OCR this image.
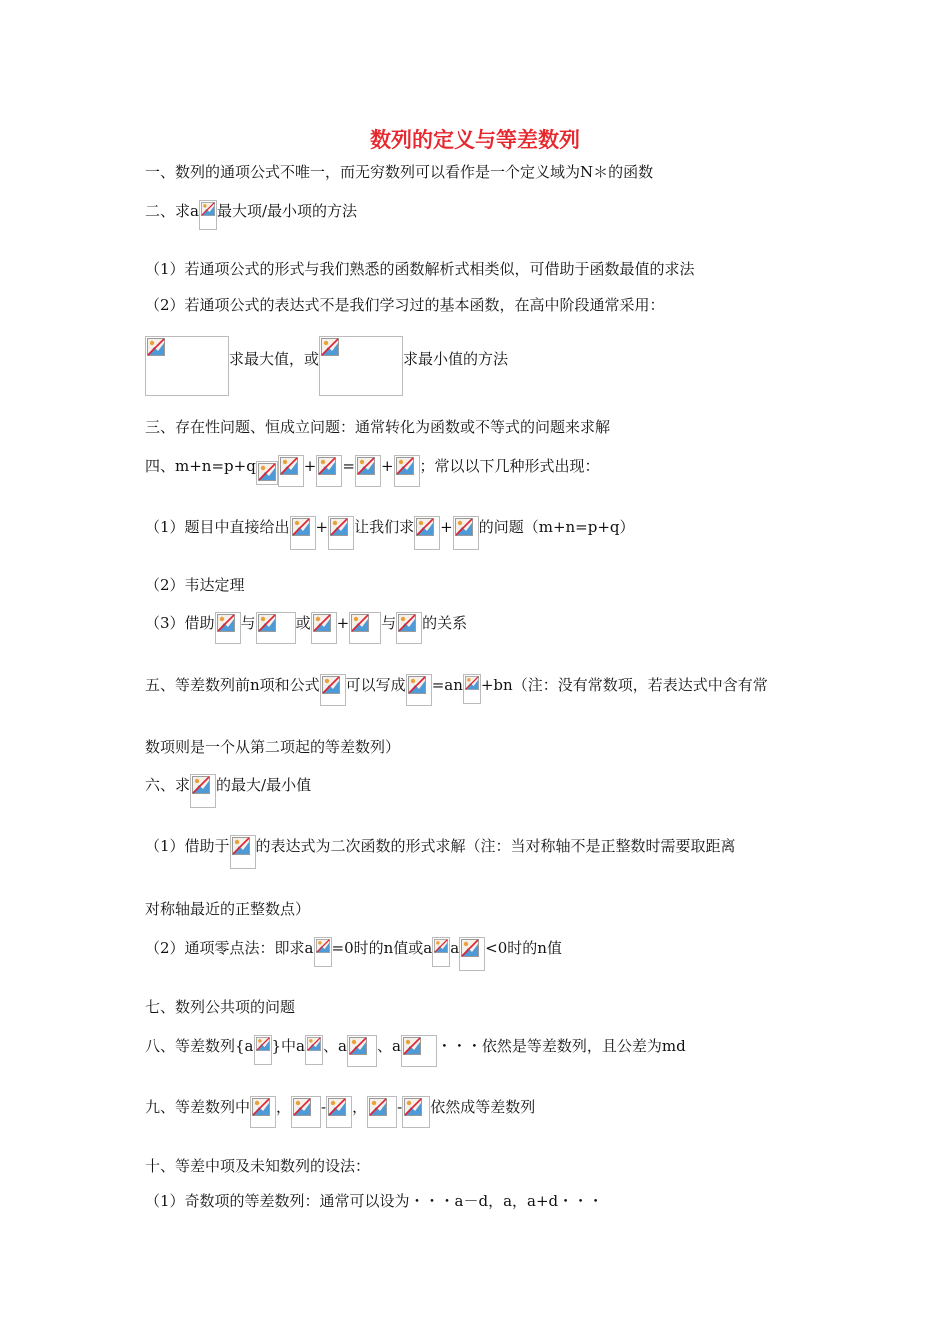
数列的定义与等差数列
一、数列的通项公式不唯一，而无穷数列可以看作是一个定义域为N＊的函数
二、求a 最大项/最小项的方法
（1）若通项公式的形式与我们熟悉的函数解析式相类似，可借助于函数最值的求法
（2）若通项公式的表达式不是我们学习过的基本函数，在高中阶段通常采用：
求最大值，或	求最小值的方法
三、存在性问题、恒成立问题：通常转化为函数或不等式的问题来求解
四、m+n=p+q	+ = + ；常以以下几种形式出现：
（1）题目中直接给出 + 让我们求 + 的问题（m+n=p+q）
（2）韦达定理
（3）借助 与	或 + 与 的关系
五、等差数列前n项和公式 可以写成 =an +bn（注：没有常数项，若表达式中含有常
数项则是一个从第二项起的等差数列）
六、求 的最大/最小值
（1）借助于 的表达式为二次函数的形式求解（注：当对称轴不是正整数时需要取距离
对称轴最近的正整数点）
（2）通项零点法：即求a =0时的n值或a a <0时的n值
七、数列公共项的问题
八、等差数列{a }中a 、a 、a ・・・依然是等差数列，且公差为md
九、等差数列中 ， - ， - 依然成等差数列
十、等差中项及未知数列的设法：
（1）奇数项的等差数列：通常可以设为・・・a－d，a，a+d・・・
